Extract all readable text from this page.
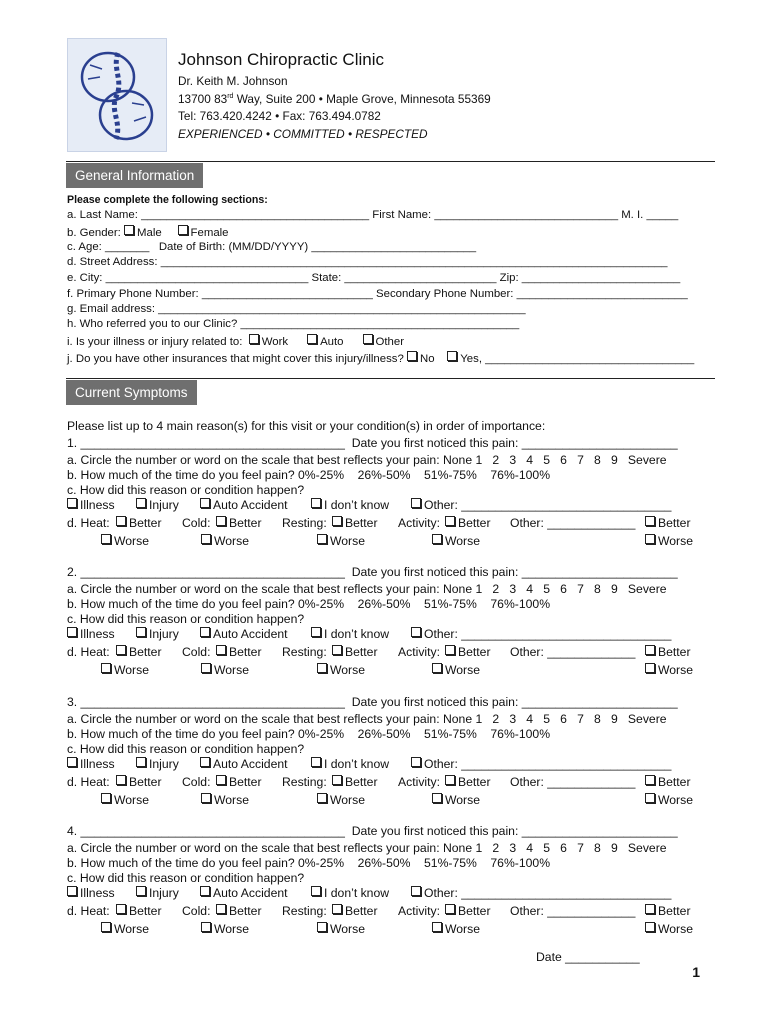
Johnson Chiropractic Clinic
Dr. Keith M. Johnson
13700 83rd Way, Suite 200 • Maple Grove, Minnesota 55369
Tel: 763.420.4242 • Fax: 763.494.0782
EXPERIENCED • COMMITTED • RESPECTED
General Information
Please complete the following sections:
a. Last Name: ____________________________________ First Name: _____________________________ M. I. _____
b. Gender: Male	Female
c. Age: _______   Date of Birth: (MM/DD/YYYY) __________________________
d. Street Address: ________________________________________________________________________________
e. City: ________________________________ State: ________________________ Zip: _________________________
f. Primary Phone Number: ___________________________ Secondary Phone Number: ___________________________
g. Email address: __________________________________________________________
h. Who referred you to our Clinic? ____________________________________________
i. Is your illness or injury related to: Work	Auto	Other
j. Do you have other insurances that might cover this injury/illness? No Yes, _________________________________
Current Symptoms
Please list up to 4 main reason(s) for this visit or your condition(s) in order of importance:
1. _______________________________________ Date you first noticed this pain: _______________________
a. Circle the number or word on the scale that best reflects your pain: None 1   2   3   4   5   6   7   8   9   Severe
b. How much of the time do you feel pain? 0%-25%    26%-50%    51%-75%    76%-100%
c. How did this reason or condition happen?
Illness	Injury	Auto Accident	I don’t know	Other: _______________________________
d. Heat:	Better
Worse
Cold:	Better
Worse
Resting:	Better
Worse
Activity:	Better
Worse
Other: _____________	Better
Worse
2. _______________________________________ Date you first noticed this pain: _______________________
a. Circle the number or word on the scale that best reflects your pain: None 1   2   3   4   5   6   7   8   9   Severe
b. How much of the time do you feel pain? 0%-25%    26%-50%    51%-75%    76%-100%
c. How did this reason or condition happen?
Illness	Injury	Auto Accident	I don’t know	Other: _______________________________
d. Heat:	Better
Worse
Cold:	Better
Worse
Resting:	Better
Worse
Activity:	Better
Worse
Other: _____________	Better
Worse
3. _______________________________________ Date you first noticed this pain: _______________________
a. Circle the number or word on the scale that best reflects your pain: None 1   2   3   4   5   6   7   8   9   Severe
b. How much of the time do you feel pain? 0%-25%    26%-50%    51%-75%    76%-100%
c. How did this reason or condition happen?
Illness	Injury	Auto Accident	I don’t know	Other: _______________________________
d. Heat:	Better
Worse
Cold:	Better
Worse
Resting:	Better
Worse
Activity:	Better
Worse
Other: _____________	Better
Worse
4. _______________________________________ Date you first noticed this pain: _______________________
a. Circle the number or word on the scale that best reflects your pain: None 1   2   3   4   5   6   7   8   9   Severe
b. How much of the time do you feel pain? 0%-25%    26%-50%    51%-75%    76%-100%
c. How did this reason or condition happen?
Illness	Injury	Auto Accident	I don’t know	Other: _______________________________
d. Heat:	Better
Worse
Cold:	Better
Worse
Resting:	Better
Worse
Activity:	Better
Worse
Other: _____________	Better
Worse
Date ___________
1
